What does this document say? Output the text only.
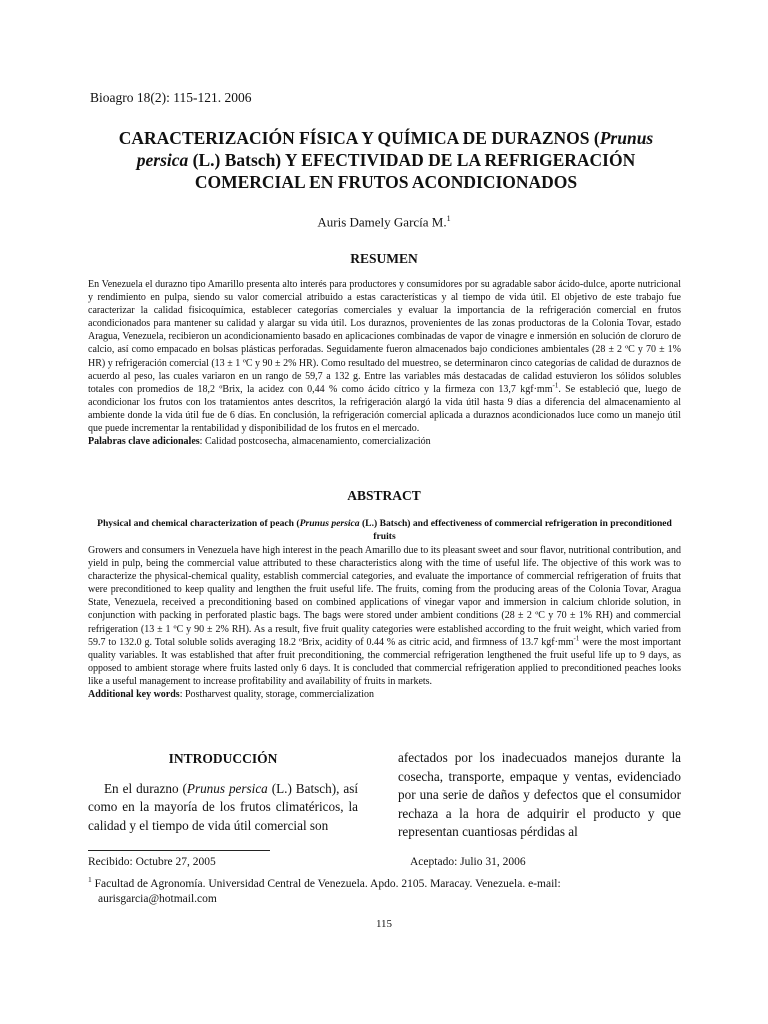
Bioagro 18(2): 115-121. 2006
CARACTERIZACIÓN FÍSICA Y QUÍMICA DE DURAZNOS (Prunus
persica (L.) Batsch) Y EFECTIVIDAD DE LA REFRIGERACIÓN COMERCIAL EN FRUTOS ACONDICIONADOS
Auris Damely García M.$^1$
RESUMEN
En Venezuela el durazno tipo Amarillo presenta alto interés para productores y consumidores por su agradable sabor ácido-dulce, aporte nutricional y rendimiento en pulpa, siendo su valor comercial atribuido a estas características y al tiempo de vida útil. El objetivo de este trabajo fue caracterizar la calidad fisicoquímica, establecer categorías comerciales y evaluar la importancia de la refrigeración comercial en frutos acondicionados para mantener su calidad y alargar su vida útil. Los duraznos, provenientes de las zonas productoras de la Colonia Tovar, estado Aragua, Venezuela, recibieron un acondicionamiento basado en aplicaciones combinadas de vapor de vinagre e inmersión en solución de cloruro de calcio, así como empacado en bolsas plásticas perforadas. Seguidamente fueron almacenados bajo condiciones ambientales (28 ± 2 ºC y 70 ± 1% HR) y refrigeración comercial (13 ± 1 ºC y 90 ± 2% HR). Como resultado del muestreo, se determinaron cinco categorías de calidad de duraznos de acuerdo al peso, las cuales variaron en un rango de 59,7 a 132 g. Entre las variables más destacadas de calidad estuvieron los sólidos solubles totales con promedios de 18,2 ºBrix, la acidez con 0,44 % como ácido cítrico y la firmeza con 13,7 $kgf\cdot mm^{-1}$. Se estableció que, luego de acondicionar los frutos con los tratamientos antes descritos, la refrigeración alargó la vida útil hasta 9 días a diferencia del almacenamiento al ambiente donde la vida útil fue de 6 días. En conclusión, la refrigeración comercial aplicada a duraznos acondicionados luce como un manejo útil que puede incrementar la rentabilidad y disponibilidad de los frutos en el mercado.
Palabras clave adicionales: Calidad postcosecha, almacenamiento, comercialización
ABSTRACT
Physical and chemical characterization of peach (Prunus persica (L.) Batsch) and effectiveness of commercial refrigeration in preconditioned fruits
Growers and consumers in Venezuela have high interest in the peach Amarillo due to its pleasant sweet and sour flavor, nutritional contribution, and yield in pulp, being the commercial value attributed to these characteristics along with the time of useful life. The objective of this work was to characterize the physical-chemical quality, establish commercial categories, and evaluate the importance of commercial refrigeration of fruits that were preconditioned to keep quality and lengthen the fruit useful life. The fruits, coming from the producing areas of the Colonia Tovar, Aragua State, Venezuela, received a preconditioning based on combined applications of vinegar vapor and immersion in calcium chloride solution, in conjunction with packing in perforated plastic bags. The bags were stored under ambient conditions (28 ± 2 ºC y 70 ± 1% RH) and commercial refrigeration (13 ± 1 ºC y 90 ± 2% RH). As a result, five fruit quality categories were established according to the fruit weight, which varied from 59.7 to 132.0 g. Total soluble solids averaging 18.2 ºBrix, acidity of 0.44 % as citric acid, and firmness of 13.7 $kgf\cdot mm^{-1}$ were the most important quality variables. It was established that after fruit preconditioning, the commercial refrigeration lengthened the fruit useful life up to 9 days, as opposed to ambient storage where fruits lasted only 6 days. It is concluded that commercial refrigeration applied to preconditioned peaches looks like a useful management to increase profitability and availability of fruits in markets.
Additional key words: Postharvest quality, storage, commercialization
INTRODUCCIÓN
En el durazno (Prunus persica (L.) Batsch), así como en la mayoría de los frutos climatéricos, la calidad y el tiempo de vida útil comercial son
afectados por los inadecuados manejos durante la cosecha, transporte, empaque y ventas, evidenciado por una serie de daños y defectos que el consumidor rechaza a la hora de adquirir el producto y que representan cuantiosas pérdidas al
Recibido: Octubre 27, 2005	Aceptado: Julio 31, 2006
$^1$ Facultad de Agronomía. Universidad Central de Venezuela. Apdo. 2105. Maracay. Venezuela. e-mail:
aurisgarcia@hotmail.com
115
